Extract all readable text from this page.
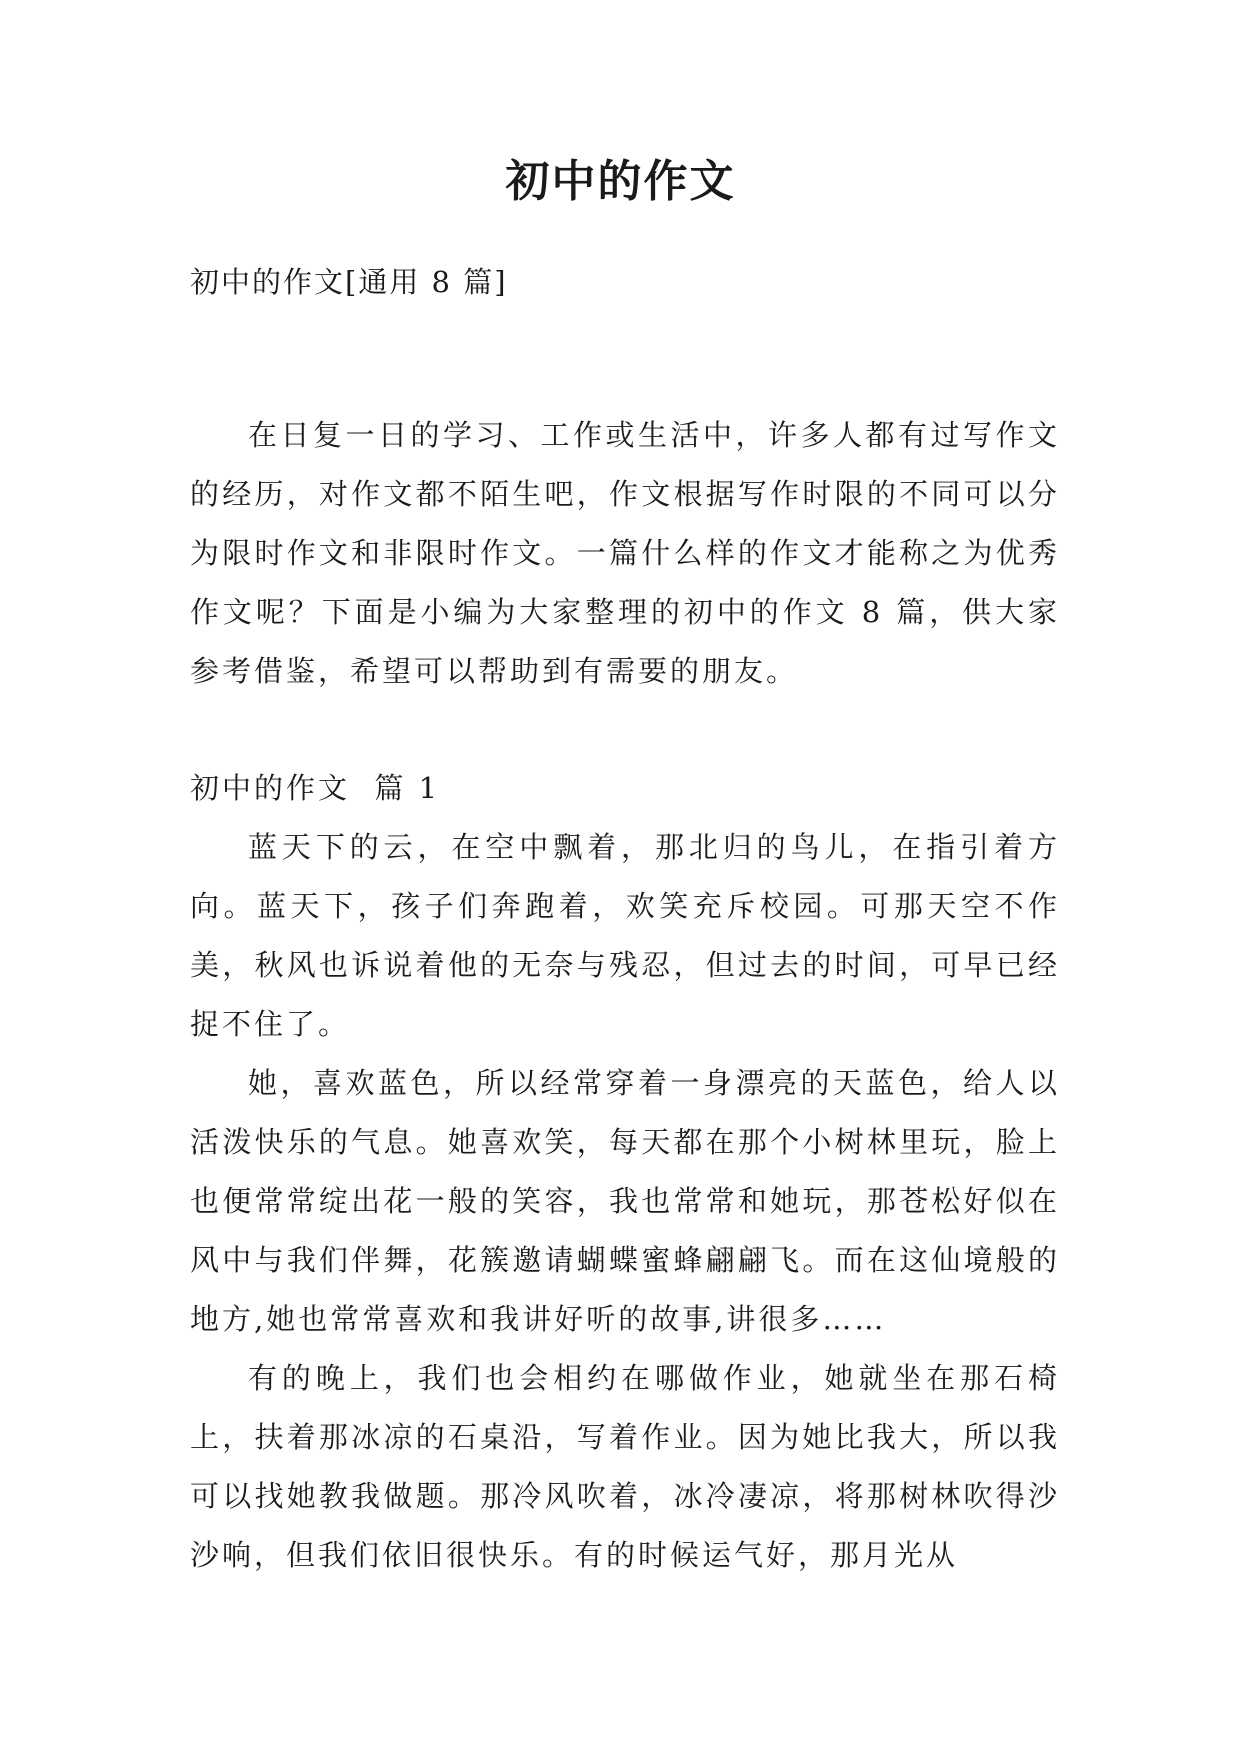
初中的作文

初中的作文[通用 8 篇]

在日复一日的学习、工作或生活中，许多人都有过写作文的经历，对作文都不陌生吧，作文根据写作时限的不同可以分为限时作文和非限时作文。一篇什么样的作文才能称之为优秀作文呢？下面是小编为大家整理的初中的作文 8 篇，供大家参考借鉴，希望可以帮助到有需要的朋友。

初中的作文  篇 1

蓝天下的云，在空中飘着，那北归的鸟儿，在指引着方向。蓝天下，孩子们奔跑着，欢笑充斥校园。可那天空不作美，秋风也诉说着他的无奈与残忍，但过去的时间，可早已经捉不住了。

她，喜欢蓝色，所以经常穿着一身漂亮的天蓝色，给人以活泼快乐的气息。她喜欢笑，每天都在那个小树林里玩，脸上也便常常绽出花一般的笑容，我也常常和她玩，那苍松好似在风中与我们伴舞，花簇邀请蝴蝶蜜蜂翩翩飞。而在这仙境般的地方,她也常常喜欢和我讲好听的故事,讲很多……

有的晚上，我们也会相约在哪做作业，她就坐在那石椅上，扶着那冰凉的石桌沿，写着作业。因为她比我大，所以我可以找她教我做题。那冷风吹着，冰冷凄凉，将那树林吹得沙沙响，但我们依旧很快乐。有的时候运气好，那月光从
